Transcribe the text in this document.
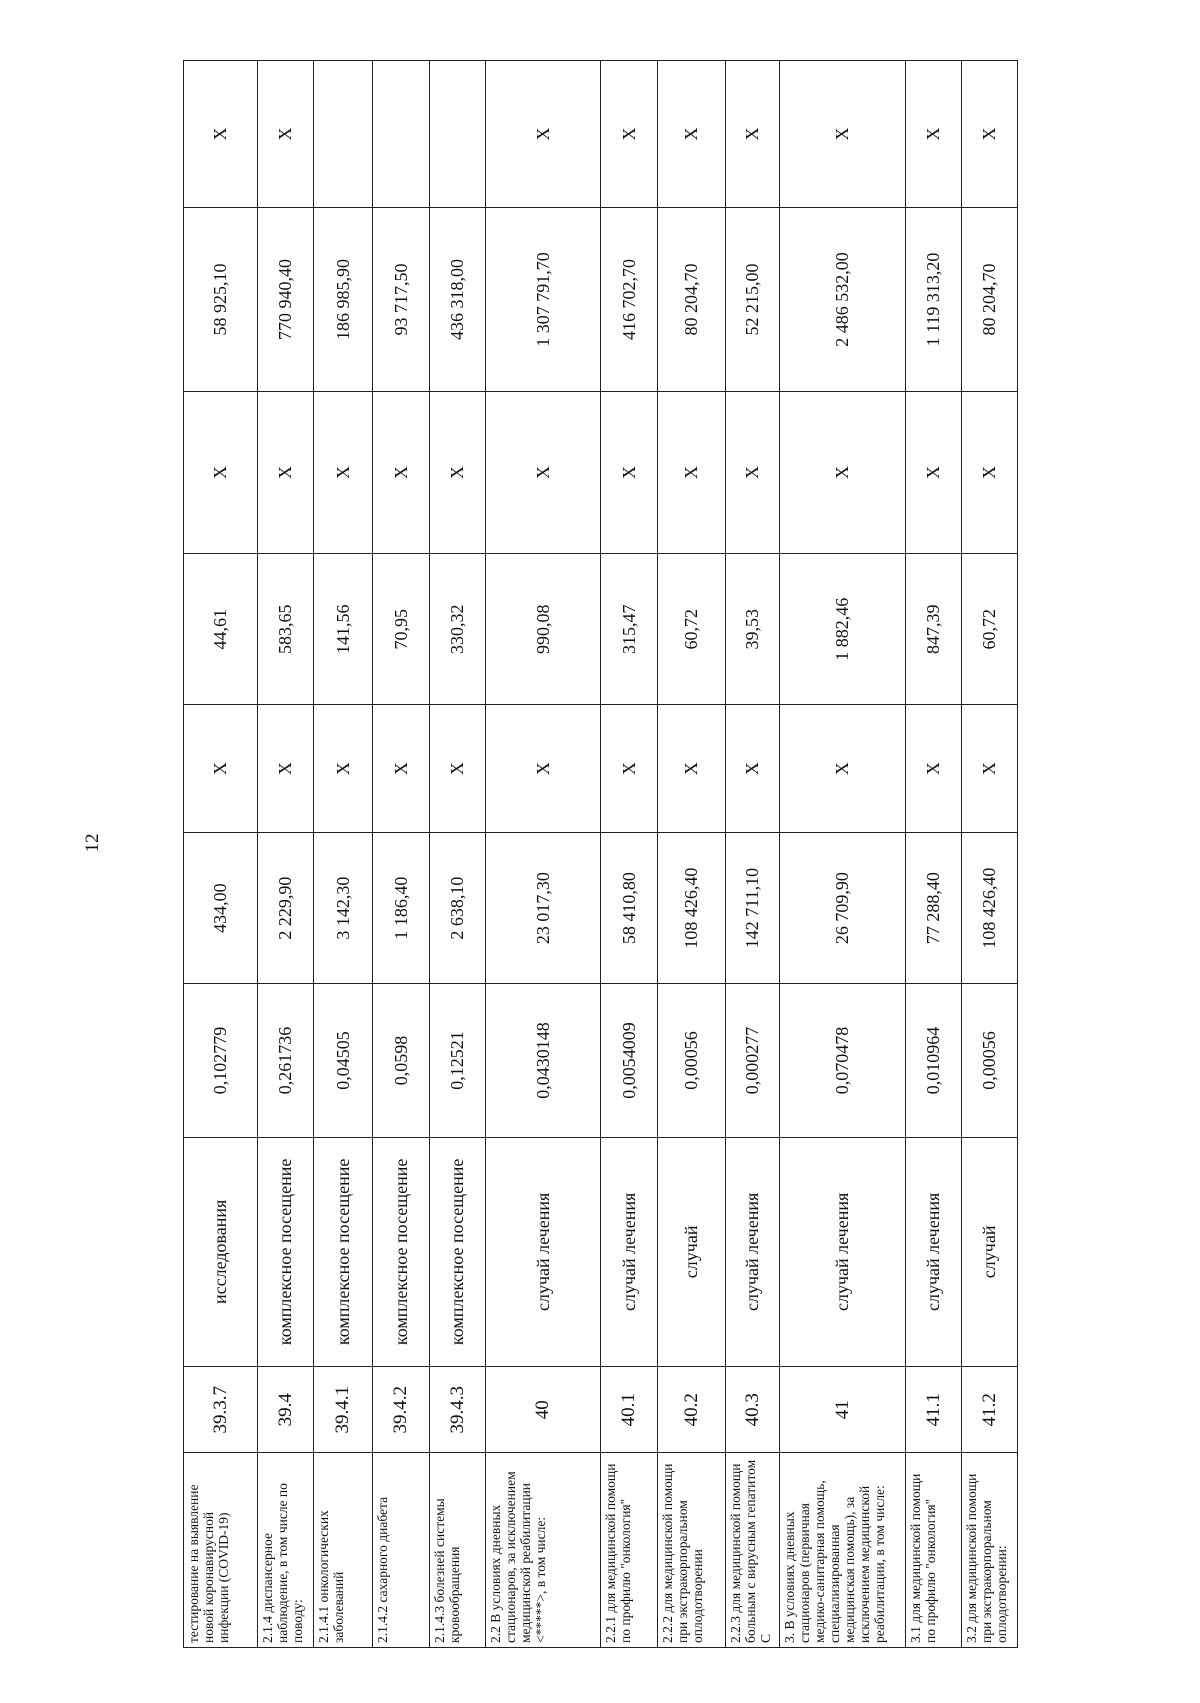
12
тестирование на выявление новой коронавирусной инфекции (COVID-19)	39.3.7	исследования	0,102779	434,00	X	44,61	X	58 925,10	X
2.1.4 диспансерное наблюдение, в том числе по поводу:	39.4	комплексное посещение	0,261736	2 229,90	X	583,65	X	770 940,40	X
2.1.4.1 онкологических заболеваний	39.4.1	комплексное посещение	0,04505	3 142,30	X	141,56	X	186 985,90	
2.1.4.2 сахарного диабета	39.4.2	комплексное посещение	0,0598	1 186,40	X	70,95	X	93 717,50	
2.1.4.3 болезней системы кровообращения	39.4.3	комплексное посещение	0,12521	2 638,10	X	330,32	X	436 318,00	
2.2 В условиях дневных стационаров, за исключением медицинской реабилитации <*****>, в том числе:	40	случай лечения	0,0430148	23 017,30	X	990,08	X	1 307 791,70	X
2.2.1 для медицинской помощи по профилю "онкология"	40.1	случай лечения	0,0054009	58 410,80	X	315,47	X	416 702,70	X
2.2.2 для медицинской помощи при экстракорпоральном оплодотворении	40.2	случай	0,00056	108 426,40	X	60,72	X	80 204,70	X
2.2.3 для медицинской помощи больным с вирусным гепатитом С	40.3	случай лечения	0,000277	142 711,10	X	39,53	X	52 215,00	X
3. В условиях дневных стационаров (первичная медико-санитарная помощь, специализированная медицинская помощь), за исключением медицинской реабилитации, в том числе:	41	случай лечения	0,070478	26 709,90	X	1 882,46	X	2 486 532,00	X
3.1 для медицинской помощи по профилю "онкология"	41.1	случай лечения	0,010964	77 288,40	X	847,39	X	1 119 313,20	X
3.2 для медицинской помощи при экстракорпоральном оплодотворении:	41.2	случай	0,00056	108 426,40	X	60,72	X	80 204,70	X
